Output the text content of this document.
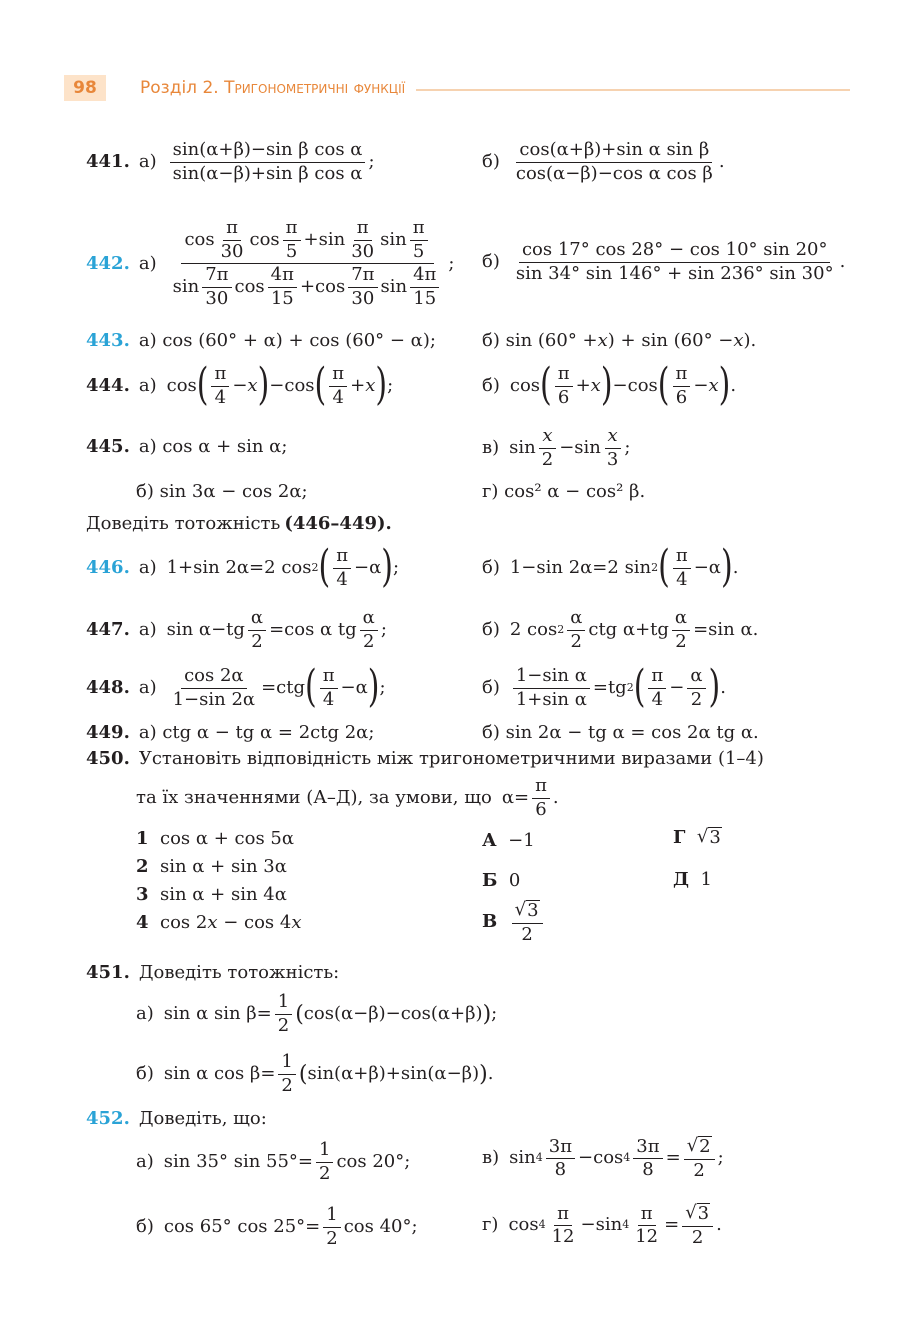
98	Розділ 2. Тригонометричні функції
441. $а) \frac{\text{sin(α+β)−sin β cos α}}{\text{sin(α−β)+sin β cos α}}$ ;	$б) \frac{\text{cos(α+β)+sin α sin β}}{\text{cos(α−β)−cos α cos β}}$ .
442. $а) \frac{\cos \frac{\pi}{30} \cos \frac{\pi}{5} +\sin \frac{\pi}{30} \sin \frac{\pi}{5}}{\sin \frac{7\pi}{30} \cos \frac{4\pi}{15} +\cos \frac{7\pi}{30} \sin \frac{4\pi}{15}}$ ; $б) \frac{\cos 17^\circ \cos 28^\circ - \cos 10^\circ \sin 20^\circ}{\sin 34^\circ \sin 146^\circ + \sin 236^\circ \sin 30^\circ}$ .
443. а) cos (60° + α) + cos (60° − α);	б) sin (60° + x ) + sin (60° − x ).
444. а) cos ( $\frac{\pi}{4} - x$ ) −cos ( $\frac{\pi}{4} + x$ ) ;	б) cos ( $\frac{\pi}{6} + x$ ) −cos ( $\frac{\pi}{6} - x$ ) .
445. а) cos α + sin α;	в) $\sin \frac{x}{2} -\sin \frac{x}{3}$ ;
б) sin 3α − cos 2α;	г) cos² α − cos² β.
Доведіть тотожність (446–449).
446. а) 1+sin 2α=2 cos 2 ( $\frac{\pi}{4} -\alpha$ ) ;	б) 1−sin 2α=2 sin 2 ( $\frac{\pi}{4} -\alpha$ ) .
447. а) $\sin \alpha-tg \frac{\alpha}{2} =\cos$ α tg $\frac{\alpha}{2}$ ;	б) 2 $\cos 2 \frac{\alpha}{2}$ ctg $\alpha+tg \frac{\alpha}{2} =\sin$ α.
448. $а) \frac{\cos 2\alpha}{1-\sin 2\alpha} =ctg$ ( $\frac{\pi}{4} -\alpha$ ) ;	$б) \frac{\text{1−sin α}}{\text{1+sin α}} =tg$ 2 ( $\frac{\pi}{4} - \frac{\alpha}{2}$ ) .
449. а) ctg α − tg α = 2ctg 2α;	б) sin 2α − tg α = cos 2α tg α.
450. Установіть відповідність між тригонометричними виразами (1–4)
та їх значеннями (А–Д), за умови, що $\alpha= \frac{\pi}{6}$ .
1
cos α + cos 5α
2
sin α + sin 3α
3
sin α + sin 4α
4
cos 2x − cos 4x
А
−1
Б
0
В
$\frac{√ 3}{2}$
Г
√ 3
Д
1
451. Доведіть тотожність:
а) sin α $\sin \beta= \frac{1}{2}$ ( cos(α−β)−cos(α+β) ) ;
б) sin α $\cos \beta= \frac{1}{2}$ ( sin(α+β)+sin(α−β) ) .
452. Доведіть, що:
а) sin 35° $\sin 55^\circ= \frac{1}{2}$ cos 20°;	в) $\sin 4 \frac{3\pi}{8} -\cos$ $4 \frac{3\pi}{8} = \frac{√ 2}{2}$ ;
б) cos 65° $\cos 25^\circ= \frac{1}{2}$ cos 40°;	г) $\cos 4 \frac{\pi}{12} -\sin$ $4 \frac{\pi}{12} = \frac{√ 3}{2}$ .
